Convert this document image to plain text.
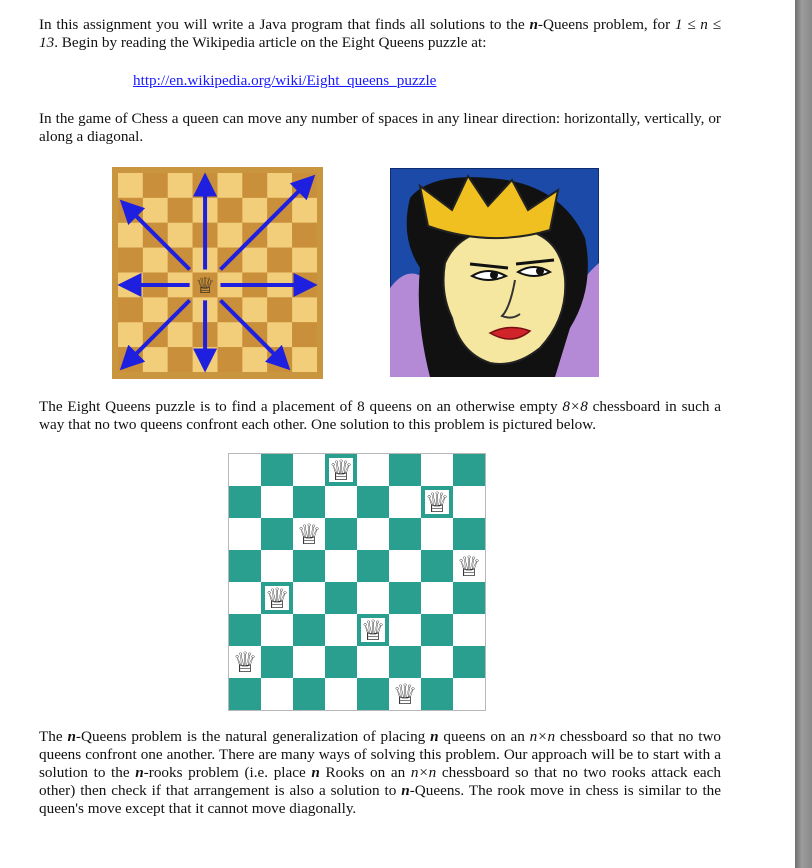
In this assignment you will write a Java program that finds all solutions to the n-Queens problem, for 1 ≤ n ≤ 13. Begin by reading the Wikipedia article on the Eight Queens puzzle at:

http://en.wikipedia.org/wiki/Eight_queens_puzzle

In the game of Chess a queen can move any number of spaces in any linear direction: horizontally, vertically, or along a diagonal.

♕

The Eight Queens puzzle is to find a placement of 8 queens on an otherwise empty 8×8 chessboard in such a way that no two queens confront each other. One solution to this problem is pictured below.

♕
♕
♕
♕
♕
♕
♕
♕

The n-Queens problem is the natural generalization of placing n queens on an n×n chessboard so that no two queens confront one another. There are many ways of solving this problem. Our approach will be to start with a solution to the n-rooks problem (i.e. place n Rooks on an n×n chessboard so that no two rooks attack each other) then check if that arrangement is also a solution to n-Queens. The rook move in chess is similar to the queen's move except that it cannot move diagonally.
